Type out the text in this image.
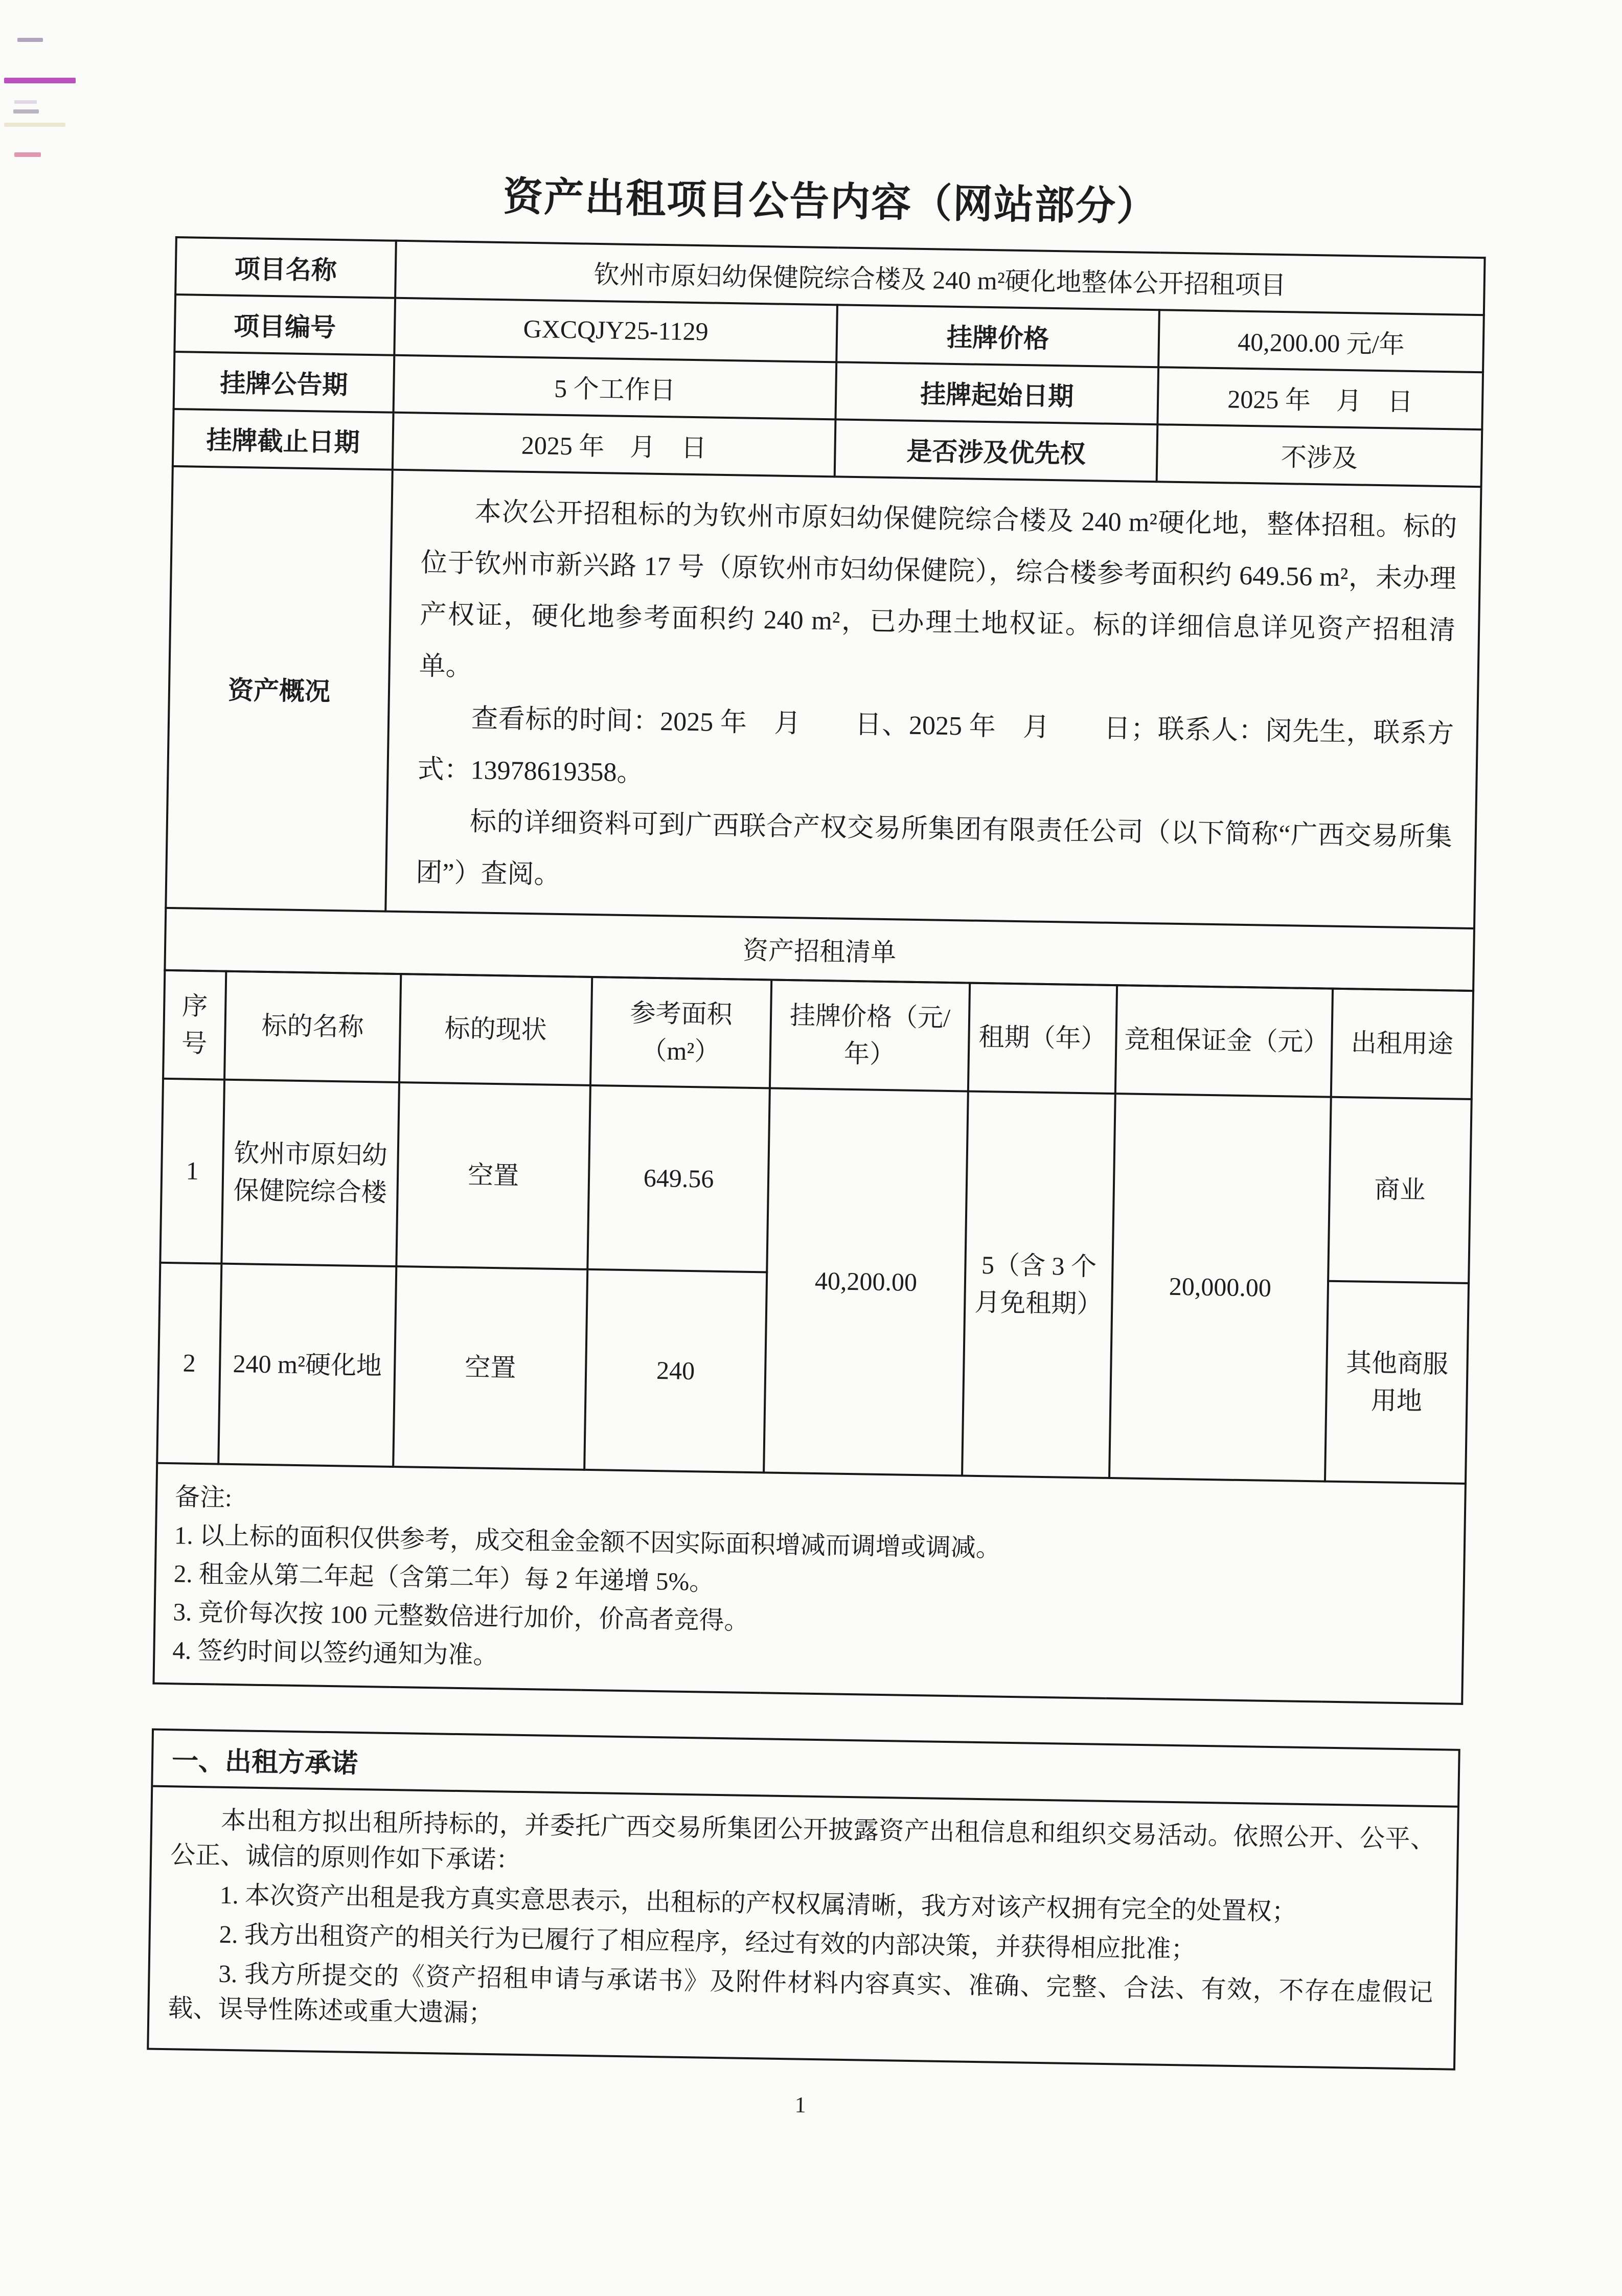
资产出租项目公告内容（网站部分）
项目名称	钦州市原妇幼保健院综合楼及 240 m²硬化地整体公开招租项目		
项目编号	GXCQJY25-1129	挂牌价格	40,200.00 元/年
挂牌公告期	5 个工作日	挂牌起始日期	2025 年　月　日
挂牌截止日期	2025 年　月　日	是否涉及优先权	不涉及
资产概况	本次公开招租标的为钦州市原妇幼保健院综合楼及 240 m²硬化地，整体招租。标的位于钦州市新兴路 17 号（原钦州市妇幼保健院），综合楼参考面积约 649.56 m²，未办理产权证，硬化地参考面积约 240 m²，已办理土地权证。标的详细信息详见资产招租清单。

查看标的时间：2025 年　月　　日、2025 年　月　　日；联系人：闵先生，联系方式：13978619358。

标的详细资料可到广西联合产权交易所集团有限责任公司（以下简称“广西交易所集团”）查阅。		

资产招租清单			
序号	标的名称	标的现状	参考面积（m²）	挂牌价格（元/年）	租期（年）	竞租保证金（元）	出租用途
1	钦州市原妇幼保健院综合楼	空置	649.56	40,200.00	5（含 3 个月免租期）	20,000.00	商业
2	240 m²硬化地	空置	240				其他商服用地

备注:

1. 以上标的面积仅供参考，成交租金金额不因实际面积增减而调增或调减。

2. 租金从第二年起（含第二年）每 2 年递增 5%。

3. 竞价每次按 100 元整数倍进行加价，价高者竞得。

4. 签约时间以签约通知为准。							

一、出租方承诺

本出租方拟出租所持标的，并委托广西交易所集团公开披露资产出租信息和组织交易活动。依照公开、公平、公正、诚信的原则作如下承诺：

1. 本次资产出租是我方真实意思表示，出租标的产权权属清晰，我方对该产权拥有完全的处置权；

2. 我方出租资产的相关行为已履行了相应程序，经过有效的内部决策，并获得相应批准；

3. 我方所提交的《资产招租申请与承诺书》及附件材料内容真实、准确、完整、合法、有效，不存在虚假记载、误导性陈述或重大遗漏；

1
